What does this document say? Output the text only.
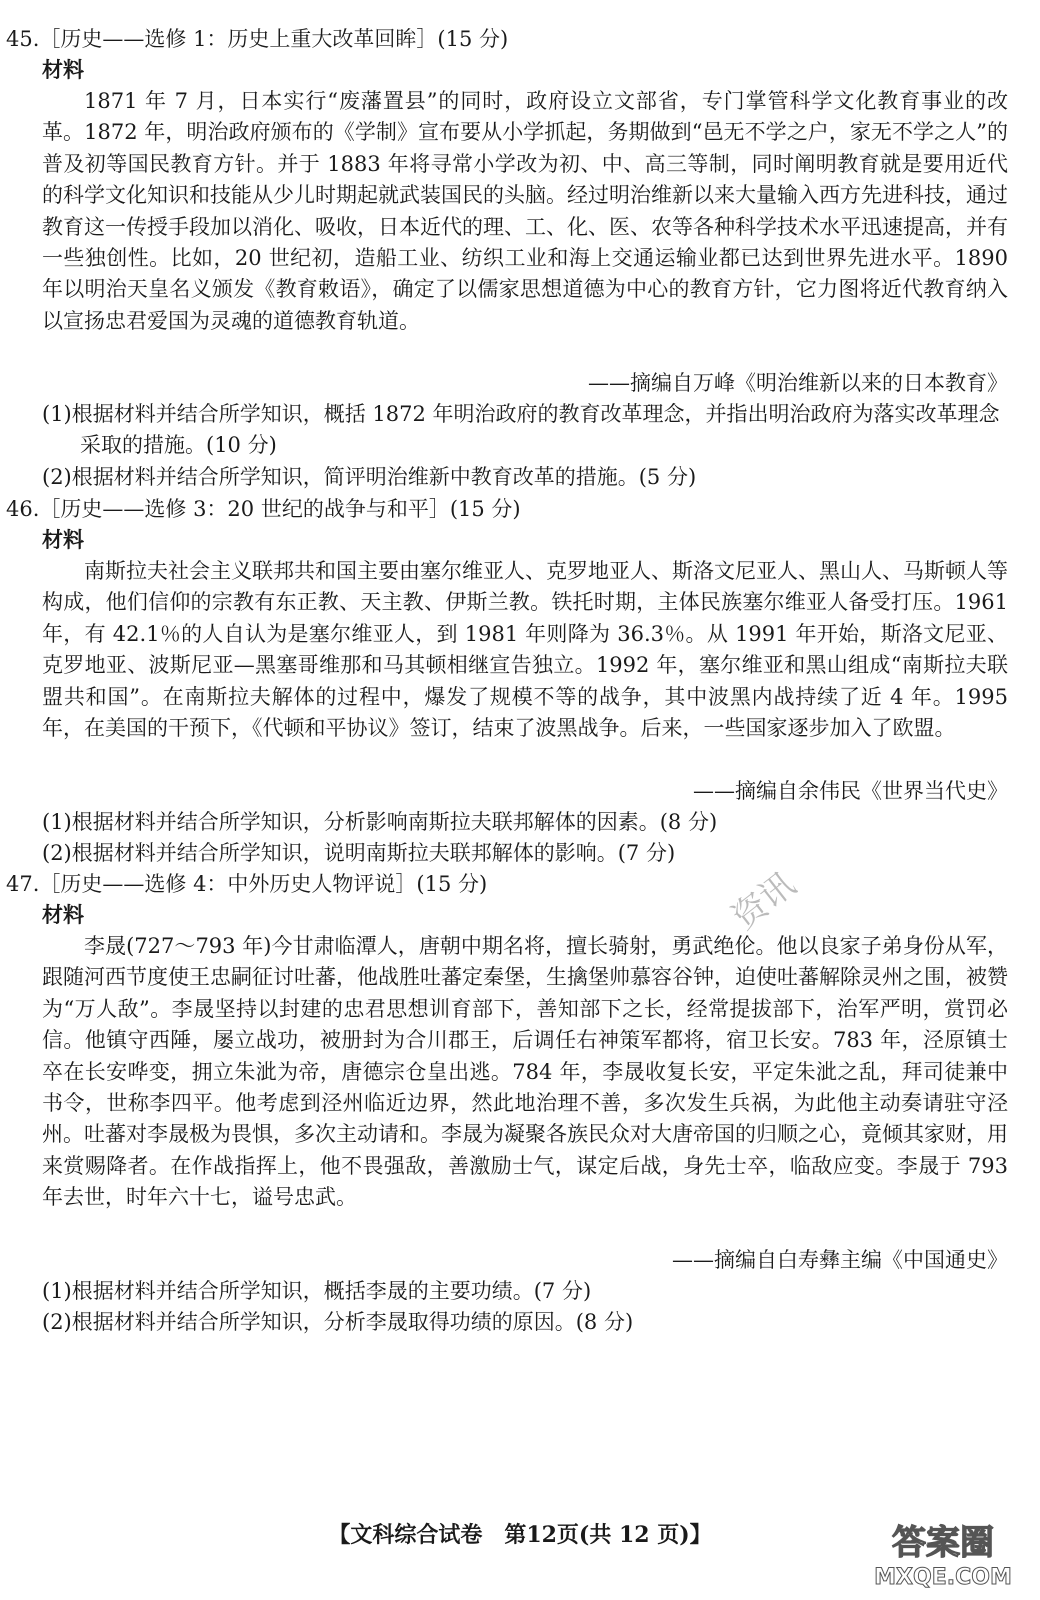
45.［历史——选修 1：历史上重大改革回眸］(15 分)
材料

1871 年 7 月，日本实行“废藩置县”的同时，政府设立文部省，专门掌管科学文化教育事业的改革。1872 年，明治政府颁布的《学制》宣布要从小学抓起，务期做到“邑无不学之户，家无不学之人”的普及初等国民教育方针。并于 1883 年将寻常小学改为初、中、高三等制，同时阐明教育就是要用近代的科学文化知识和技能从少儿时期起就武装国民的头脑。经过明治维新以来大量输入西方先进科技，通过教育这一传授手段加以消化、吸收，日本近代的理、工、化、医、农等各种科学技术水平迅速提高，并有一些独创性。比如，20 世纪初，造船工业、纺织工业和海上交通运输业都已达到世界先进水平。1890 年以明治天皇名义颁发《教育敕语》，确定了以儒家思想道德为中心的教育方针，它力图将近代教育纳入以宣扬忠君爱国为灵魂的道德教育轨道。

——摘编自万峰《明治维新以来的日本教育》

(1)根据材料并结合所学知识，概括 1872 年明治政府的教育改革理念，并指出明治政府为落实改革理念采取的措施。(10 分)

(2)根据材料并结合所学知识，简评明治维新中教育改革的措施。(5 分)

46.［历史——选修 3：20 世纪的战争与和平］(15 分)
材料

南斯拉夫社会主义联邦共和国主要由塞尔维亚人、克罗地亚人、斯洛文尼亚人、黑山人、马斯顿人等构成，他们信仰的宗教有东正教、天主教、伊斯兰教。铁托时期，主体民族塞尔维亚人备受打压。1961 年，有 42.1％的人自认为是塞尔维亚人，到 1981 年则降为 36.3％。从 1991 年开始，斯洛文尼亚、克罗地亚、波斯尼亚—黑塞哥维那和马其顿相继宣告独立。1992 年，塞尔维亚和黑山组成“南斯拉夫联盟共和国”。在南斯拉夫解体的过程中，爆发了规模不等的战争，其中波黑内战持续了近 4 年。1995 年，在美国的干预下，《代顿和平协议》签订，结束了波黑战争。后来，一些国家逐步加入了欧盟。

——摘编自余伟民《世界当代史》

(1)根据材料并结合所学知识，分析影响南斯拉夫联邦解体的因素。(8 分)

(2)根据材料并结合所学知识，说明南斯拉夫联邦解体的影响。(7 分)

47.［历史——选修 4：中外历史人物评说］(15 分)
材料

李晟(727～793 年)今甘肃临潭人，唐朝中期名将，擅长骑射，勇武绝伦。他以良家子弟身份从军，跟随河西节度使王忠嗣征讨吐蕃，他战胜吐蕃定秦堡，生擒堡帅慕容谷钟，迫使吐蕃解除灵州之围，被赞为“万人敌”。李晟坚持以封建的忠君思想训育部下，善知部下之长，经常提拔部下，治军严明，赏罚必信。他镇守西陲，屡立战功，被册封为合川郡王，后调任右神策军都将，宿卫长安。783 年，泾原镇士卒在长安哗变，拥立朱泚为帝，唐德宗仓皇出逃。784 年，李晟收复长安，平定朱泚之乱，拜司徒兼中书令，世称李四平。他考虑到泾州临近边界，然此地治理不善，多次发生兵祸，为此他主动奏请驻守泾州。吐蕃对李晟极为畏惧，多次主动请和。李晟为凝聚各族民众对大唐帝国的归顺之心，竟倾其家财，用来赏赐降者。在作战指挥上，他不畏强敌，善激励士气，谋定后战，身先士卒，临敌应变。李晟于 793 年去世，时年六十七，谥号忠武。

——摘编自白寿彝主编《中国通史》

(1)根据材料并结合所学知识，概括李晟的主要功绩。(7 分)

(2)根据材料并结合所学知识，分析李晟取得功绩的原因。(8 分)

资讯
【文科综合试卷　第12页(共 12 页)】	答案圈
MXQE.COM
